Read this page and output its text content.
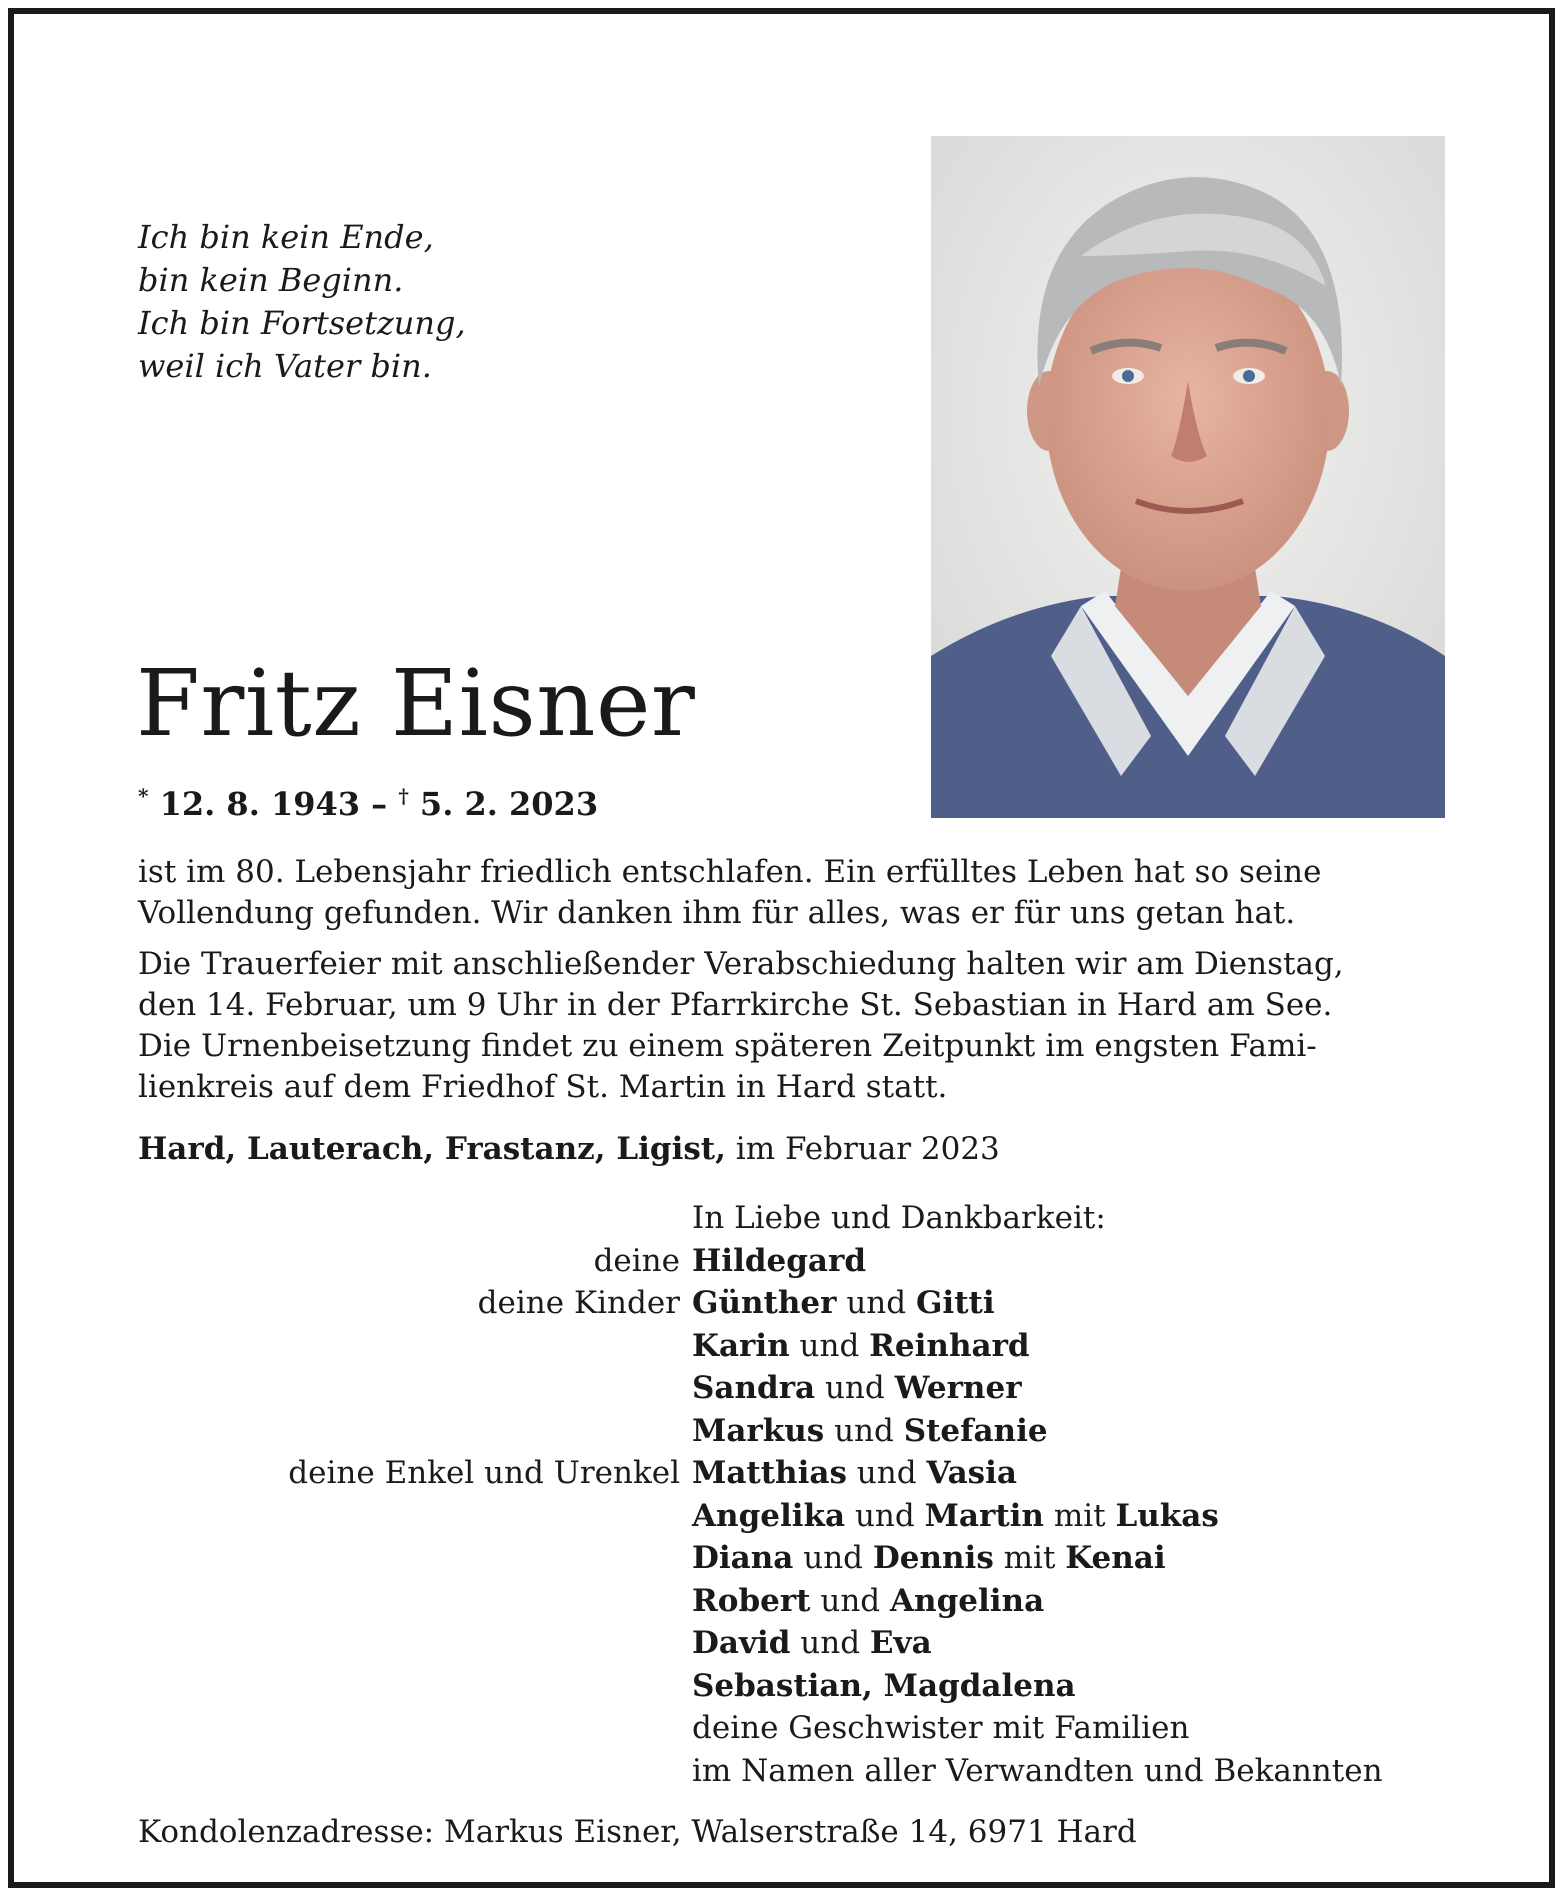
Ich bin kein Ende,
bin kein Beginn.
Ich bin Fortsetzung,
weil ich Vater bin.
Fritz Eisner
* 12. 8. 1943 – † 5. 2. 2023
ist im 80. Lebensjahr friedlich entschlafen. Ein erfülltes Leben hat so seine
Vollendung gefunden. Wir danken ihm für alles, was er für uns getan hat.
Die Trauerfeier mit anschließender Verabschiedung halten wir am Dienstag,
den 14. Februar, um 9 Uhr in der Pfarrkirche St. Sebastian in Hard am See.
Die Urnenbeisetzung findet zu einem späteren Zeitpunkt im engsten Fami-
lienkreis auf dem Friedhof St. Martin in Hard statt.
Hard, Lauterach, Frastanz, Ligist, im Februar 2023
In Liebe und Dankbarkeit:
deine Hildegard
deine Kinder Günther und Gitti
Karin und Reinhard
Sandra und Werner
Markus und Stefanie
deine Enkel und Urenkel Matthias und Vasia
Angelika und Martin mit Lukas
Diana und Dennis mit Kenai
Robert und Angelina
David und Eva
Sebastian, Magdalena
deine Geschwister mit Familien
im Namen aller Verwandten und Bekannten
Kondolenzadresse: Markus Eisner, Walserstraße 14, 6971 Hard
